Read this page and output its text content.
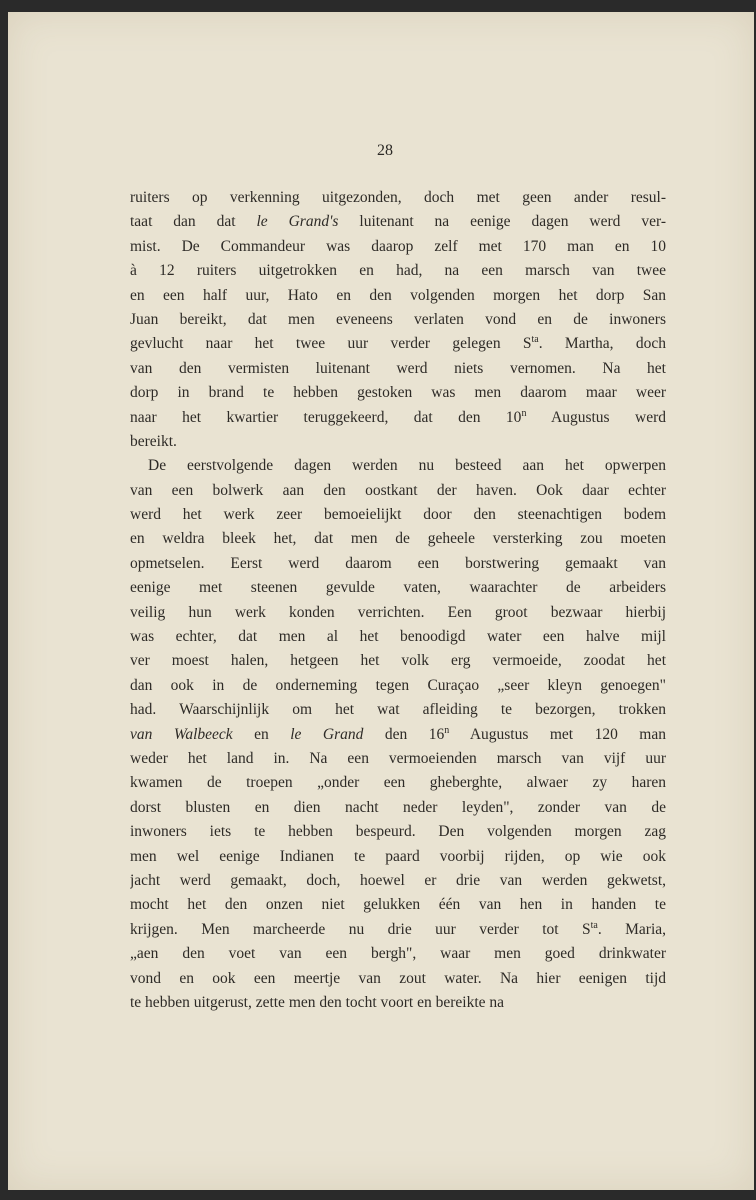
28
ruiters op verkenning uitgezonden, doch met geen ander resul-
taat dan dat le Grand's luitenant na eenige dagen werd ver-
mist. De Commandeur was daarop zelf met 170 man en 10
à 12 ruiters uitgetrokken en had, na een marsch van twee
en een half uur, Hato en den volgenden morgen het dorp San
Juan bereikt, dat men eveneens verlaten vond en de inwoners
gevlucht naar het twee uur verder gelegen $S^{ta}$. Martha, doch
van den vermisten luitenant werd niets vernomen. Na het
dorp in brand te hebben gestoken was men daarom maar weer
naar het kwartier teruggekeerd, dat den 10$^n$ Augustus werd
bereikt.
De eerstvolgende dagen werden nu besteed aan het opwerpen
van een bolwerk aan den oostkant der haven. Ook daar echter
werd het werk zeer bemoeielijkt door den steenachtigen bodem
en weldra bleek het, dat men de geheele versterking zou moeten
opmetselen. Eerst werd daarom een borstwering gemaakt van
eenige met steenen gevulde vaten, waarachter de arbeiders
veilig hun werk konden verrichten. Een groot bezwaar hierbij
was echter, dat men al het benoodigd water een halve mijl
ver moest halen, hetgeen het volk erg vermoeide, zoodat het
dan ook in de onderneming tegen Curaçao „seer kleyn genoegen"
had. Waarschijnlijk om het wat afleiding te bezorgen, trokken
van Walbeeck en le Grand den 16$^n$ Augustus met 120 man
weder het land in. Na een vermoeienden marsch van vijf uur
kwamen de troepen „onder een gheberghte, alwaer zy haren
dorst blusten en dien nacht neder leyden", zonder van de
inwoners iets te hebben bespeurd. Den volgenden morgen zag
men wel eenige Indianen te paard voorbij rijden, op wie ook
jacht werd gemaakt, doch, hoewel er drie van werden gekwetst,
mocht het den onzen niet gelukken één van hen in handen te
krijgen. Men marcheerde nu drie uur verder tot $S^{ta}$. Maria,
„aen den voet van een bergh", waar men goed drinkwater
vond en ook een meertje van zout water. Na hier eenigen tijd
te hebben uitgerust, zette men den tocht voort en bereikte na
